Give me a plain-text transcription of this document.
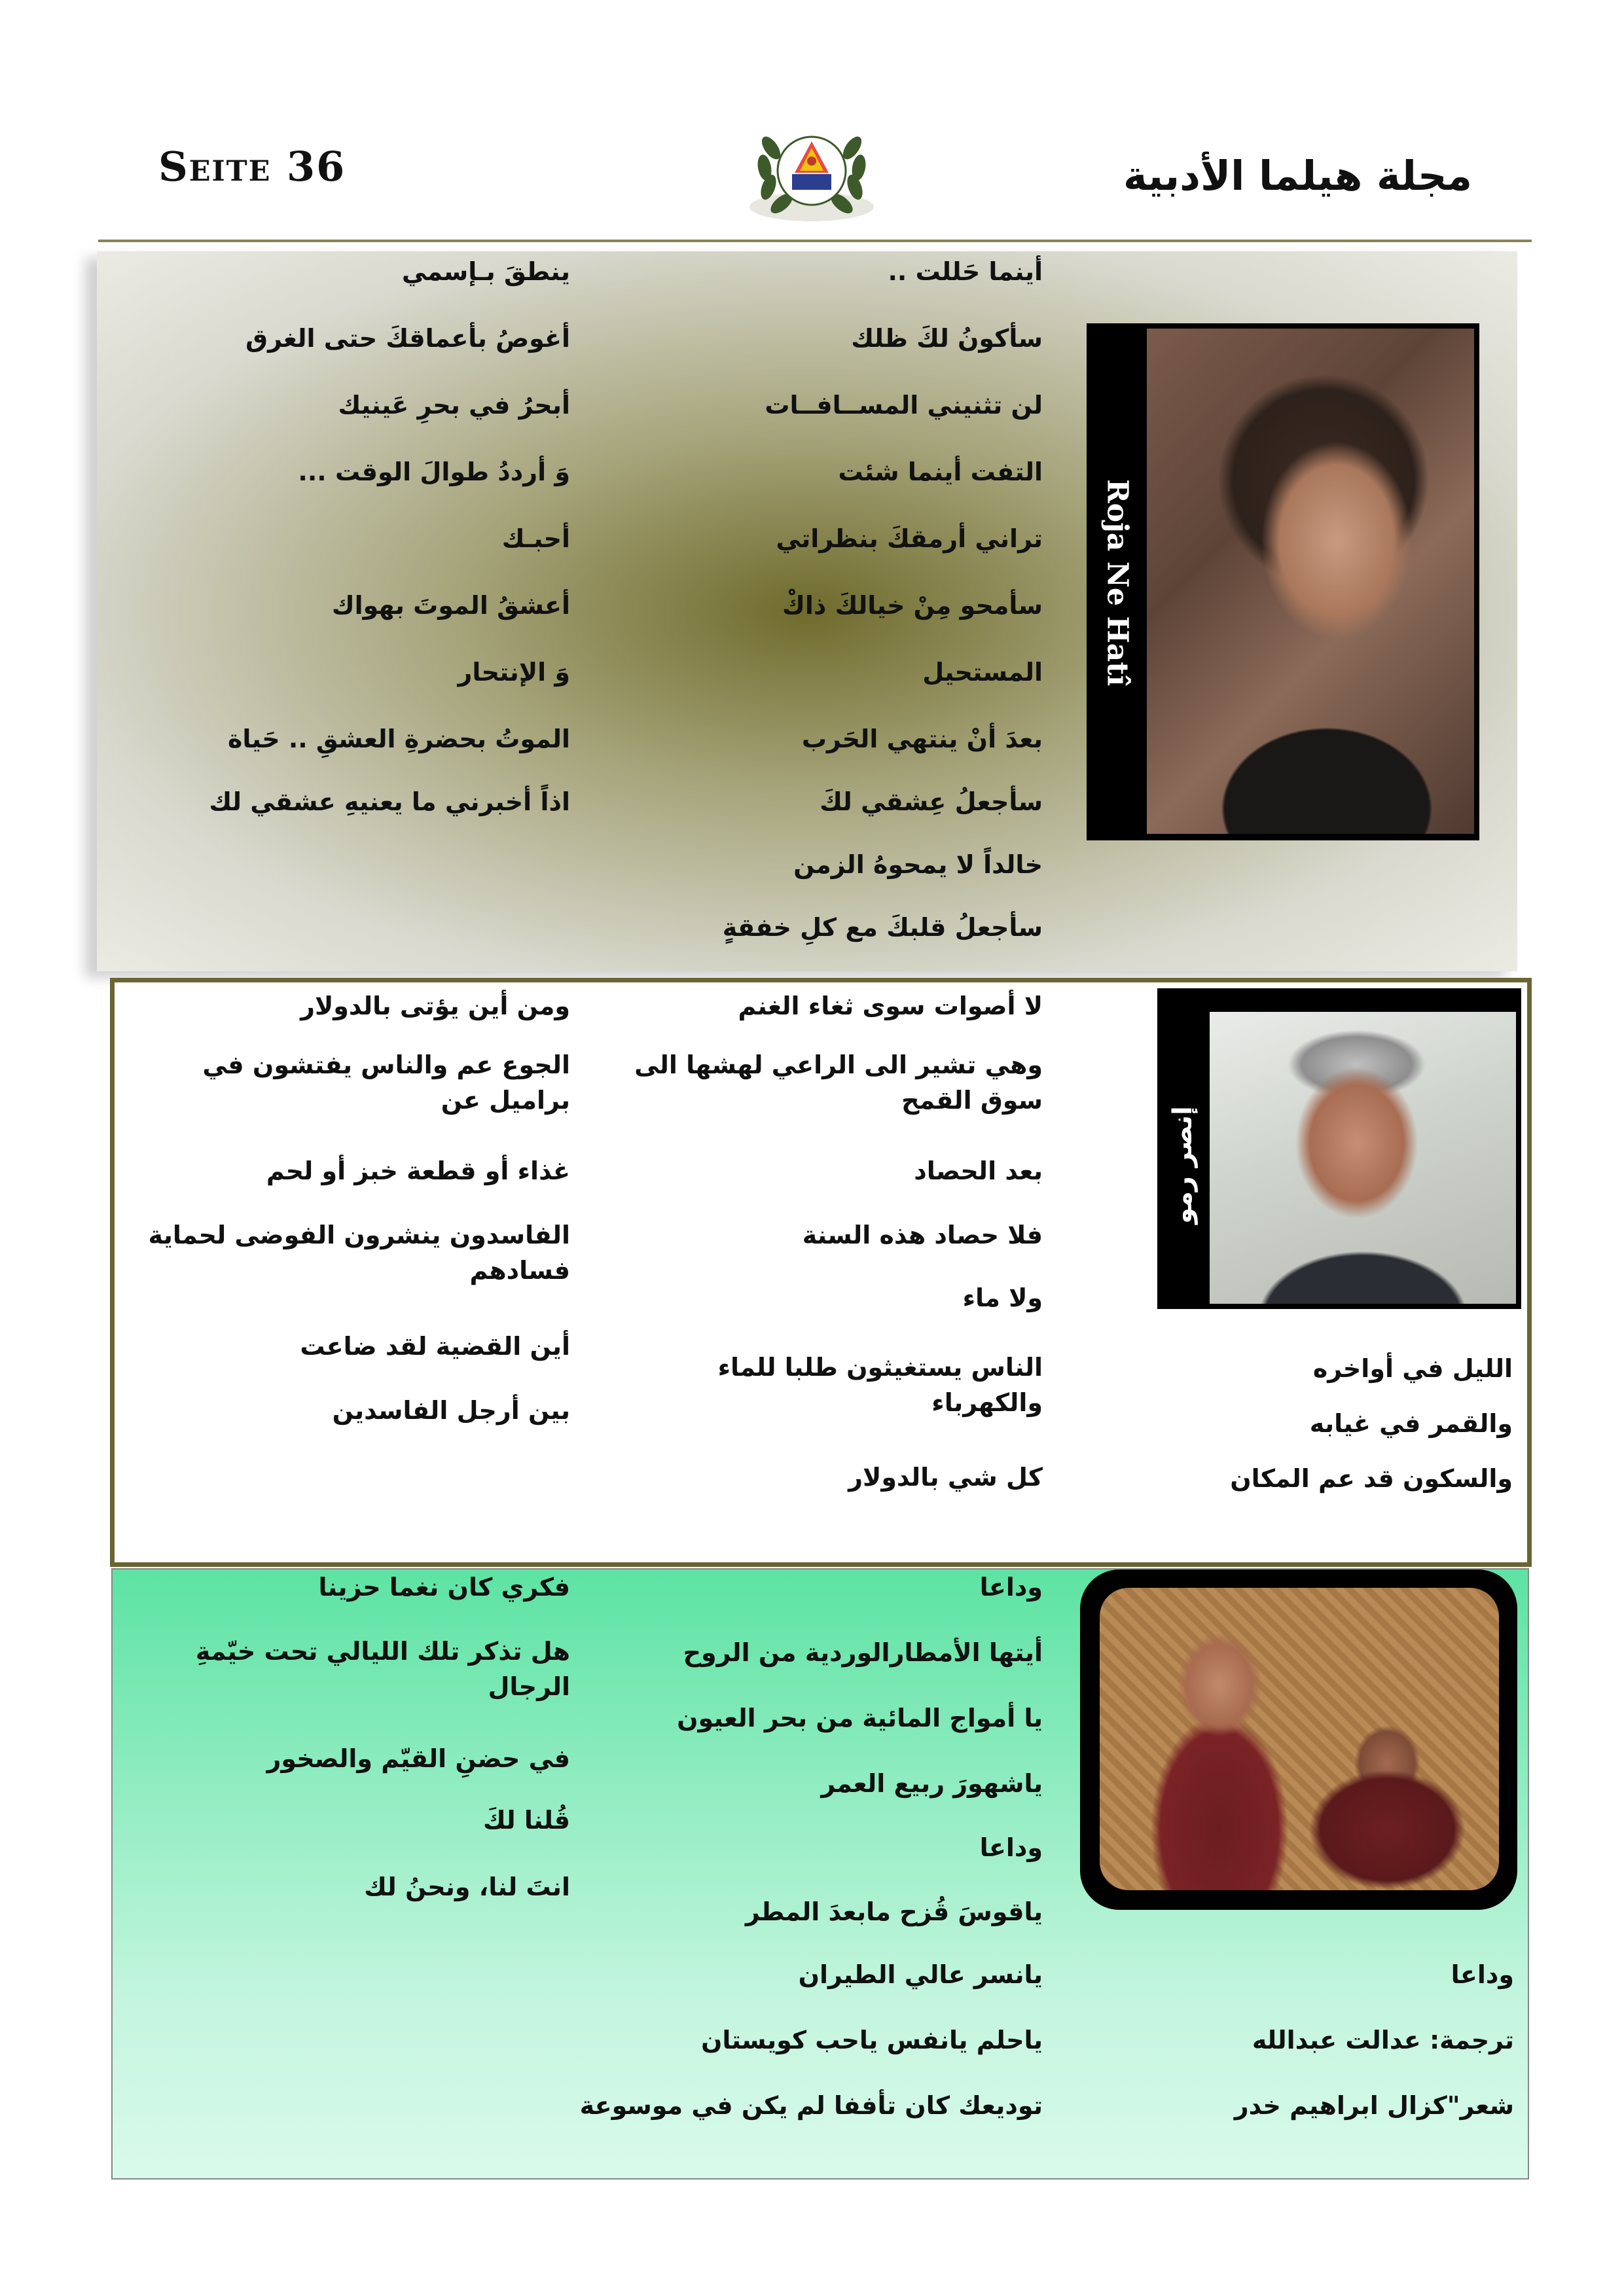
Seite 36	مجلة هيلما الأدبية
Roja Ne Hatî
أينما حَللت ..
سأكونُ لكَ ظلك
لن تثنيني المســافــات
التفت أينما شئت
تراني أرمقكَ بنظراتي
سأمحو مِنْ خيالكَ ذاكْ
المستحيل
بعدَ أنْ ينتهي الحَرب
سأجعلُ عِشقي لكَ
خالداً لا يمحوهُ الزمن
سأجعلُ قلبكَ مع كلِ خفقةٍ
ينطقَ بـإسمي
أغوصُ بأعماقكَ حتى الغرق
أبحرُ في بحرِ عَينيك
وَ أرددُ طوالَ الوقت ...
أحبـك
أعشقُ الموتَ بهواك
وَ الإنتحار
الموتُ بحضرةِ العشقِ .. حَياة
اذاً أخبرني ما يعنيهِ عشقي لك
إنصر رمو
الليل في أواخره
والقمر في غيابه
والسكون قد عم المكان
لا أصوات سوى ثغاء الغنم
وهي تشير الى الراعي لهشها الى سوق القمح
بعد الحصاد
فلا حصاد هذه السنة
ولا ماء
الناس يستغيثون طلبا للماء والكهرباء
كل شي بالدولار
ومن أين يؤتى بالدولار
الجوع عم والناس يفتشون في براميل عن
غذاء أو قطعة خبز أو لحم
الفاسدون ينشرون الفوضى لحماية فسادهم
أين القضية لقد ضاعت
بين أرجل الفاسدين
وداعا
ترجمة: عدالت عبدالله
شعر"كزال ابراهيم خدر
وداعا
أيتها الأمطارالوردية من الروح
يا أمواج المائية من بحر العيون
ياشهورَ ربيع العمر
وداعا
ياقوسَ قُزح مابعدَ المطر
يانسر عالي الطيران
ياحلم يانفس ياحب كويستان
توديعك كان تأففا لم يكن في موسوعة
فكري كان نغما حزينا
هل تذكر تلك الليالي تحت خيّمةِ الرجال
في حضنِ القيّم والصخور
قُلنا لكَ
انتَ لنا، ونحنُ لك
